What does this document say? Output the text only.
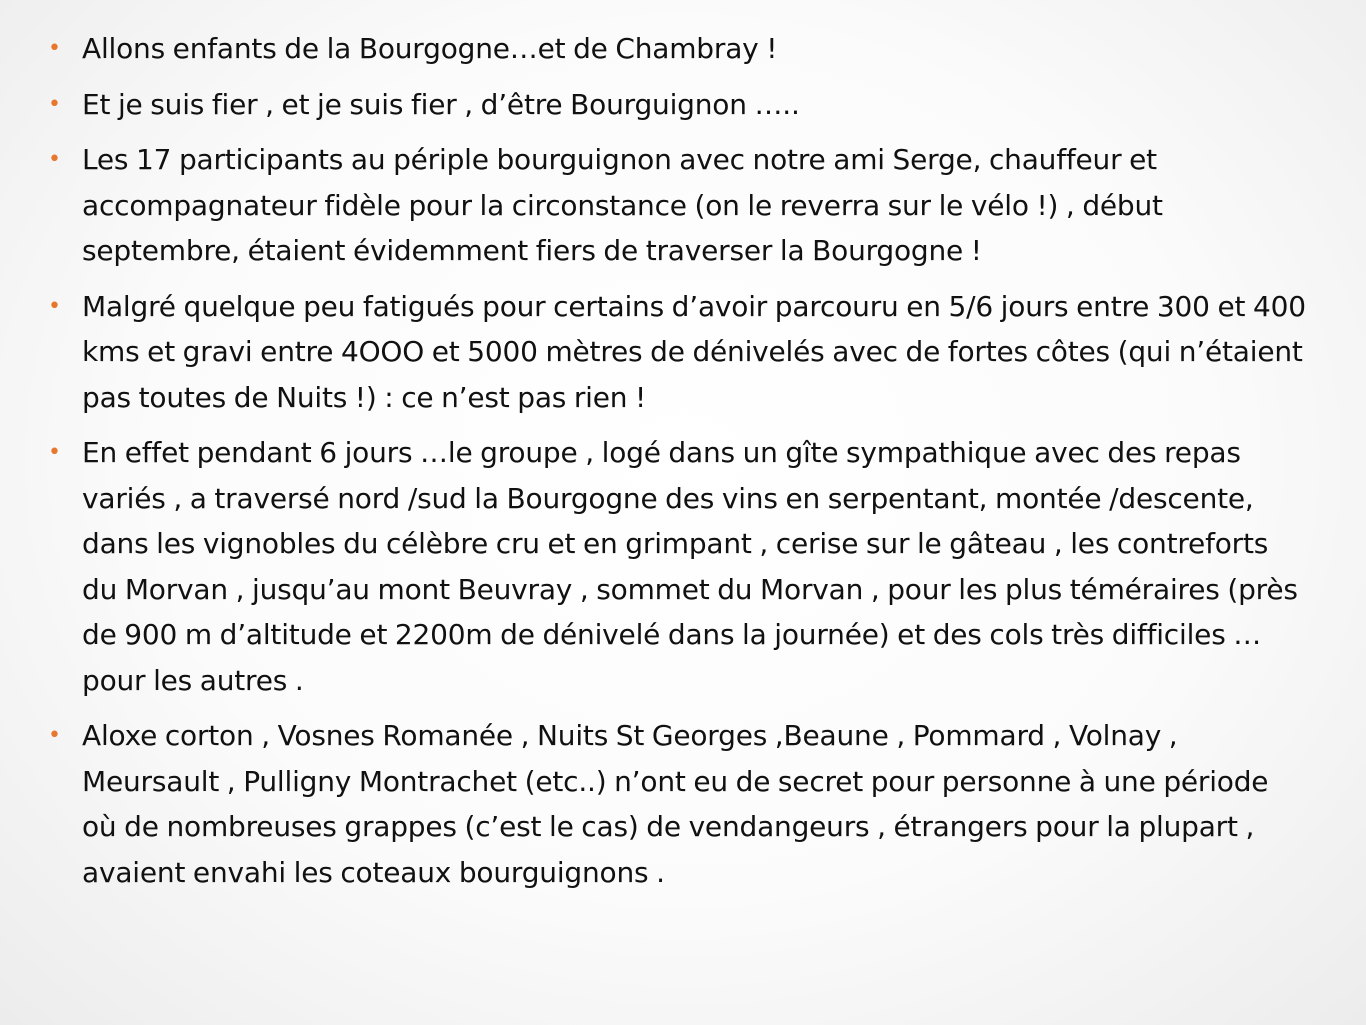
• Allons enfants de la Bourgogne…et de Chambray !
• Et je suis fier , et je suis fier , d’être Bourguignon …..
• Les 17 participants au périple bourguignon avec notre ami Serge, chauffeur et accompagnateur fidèle pour la circonstance (on le reverra sur le vélo !) , début septembre, étaient évidemment fiers de traverser la Bourgogne !
• Malgré quelque peu fatigués pour certains d’avoir parcouru en 5/6 jours entre 300 et 400 kms et gravi entre 4OOO et 5000 mètres de dénivelés avec de fortes côtes (qui n’étaient pas toutes de Nuits !) : ce n’est pas rien !
• En effet pendant 6 jours …le groupe , logé dans un gîte sympathique avec des repas variés , a traversé nord /sud la Bourgogne des vins en serpentant, montée /descente, dans les vignobles du célèbre cru et en grimpant , cerise sur le gâteau , les contreforts du Morvan , jusqu’au mont Beuvray , sommet du Morvan , pour les plus téméraires (près de 900 m d’altitude et 2200m de dénivelé dans la journée) et des cols très difficiles … pour les autres .
• Aloxe corton , Vosnes Romanée , Nuits St Georges ,Beaune , Pommard , Volnay , Meursault , Pulligny Montrachet (etc..) n’ont eu de secret pour personne à une période où de nombreuses grappes (c’est le cas) de vendangeurs , étrangers pour la plupart , avaient envahi les coteaux bourguignons .
